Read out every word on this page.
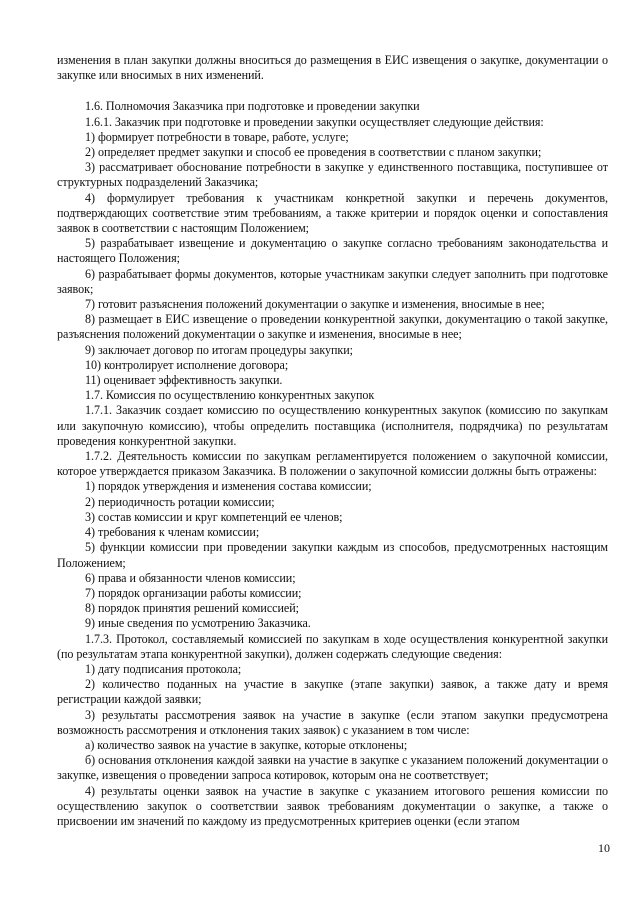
изменения в план закупки должны вноситься до размещения в ЕИС извещения о закупке, документации о закупке или вносимых в них изменений.

1.6. Полномочия Заказчика при подготовке и проведении закупки

1.6.1. Заказчик при подготовке и проведении закупки осуществляет следующие действия:

1) формирует потребности в товаре, работе, услуге;

2) определяет предмет закупки и способ ее проведения в соответствии с планом закупки;

3) рассматривает обоснование потребности в закупке у единственного поставщика, поступившее от структурных подразделений Заказчика;

4) формулирует требования к участникам конкретной закупки и перечень документов, подтверждающих соответствие этим требованиям, а также критерии и порядок оценки и сопоставления заявок в соответствии с настоящим Положением;

5) разрабатывает извещение и документацию о закупке согласно требованиям законодательства и настоящего Положения;

6) разрабатывает формы документов, которые участникам закупки следует заполнить при подготовке заявок;

7) готовит разъяснения положений документации о закупке и изменения, вносимые в нее;

8) размещает в ЕИС извещение о проведении конкурентной закупки, документацию о такой закупке, разъяснения положений документации о закупке и изменения, вносимые в нее;

9) заключает договор по итогам процедуры закупки;

10) контролирует исполнение договора;

11) оценивает эффективность закупки.

1.7. Комиссия по осуществлению конкурентных закупок

1.7.1. Заказчик создает комиссию по осуществлению конкурентных закупок (комиссию по закупкам или закупочную комиссию), чтобы определить поставщика (исполнителя, подрядчика) по результатам проведения конкурентной закупки.

1.7.2. Деятельность комиссии по закупкам регламентируется положением о закупочной комиссии, которое утверждается приказом Заказчика. В положении о закупочной комиссии должны быть отражены:

1) порядок утверждения и изменения состава комиссии;

2) периодичность ротации комиссии;

3) состав комиссии и круг компетенций ее членов;

4) требования к членам комиссии;

5) функции комиссии при проведении закупки каждым из способов, предусмотренных настоящим Положением;

6) права и обязанности членов комиссии;

7) порядок организации работы комиссии;

8) порядок принятия решений комиссией;

9) иные сведения по усмотрению Заказчика.

1.7.3. Протокол, составляемый комиссией по закупкам в ходе осуществления конкурентной закупки (по результатам этапа конкурентной закупки), должен содержать следующие сведения:

1) дату подписания протокола;

2) количество поданных на участие в закупке (этапе закупки) заявок, а также дату и время регистрации каждой заявки;

3) результаты рассмотрения заявок на участие в закупке (если этапом закупки предусмотрена возможность рассмотрения и отклонения таких заявок) с указанием в том числе:

а) количество заявок на участие в закупке, которые отклонены;

б) основания отклонения каждой заявки на участие в закупке с указанием положений документации о закупке, извещения о проведении запроса котировок, которым она не соответствует;

4) результаты оценки заявок на участие в закупке с указанием итогового решения комиссии по осуществлению закупок о соответствии заявок требованиям документации о закупке, а также о присвоении им значений по каждому из предусмотренных критериев оценки (если этапом

10
